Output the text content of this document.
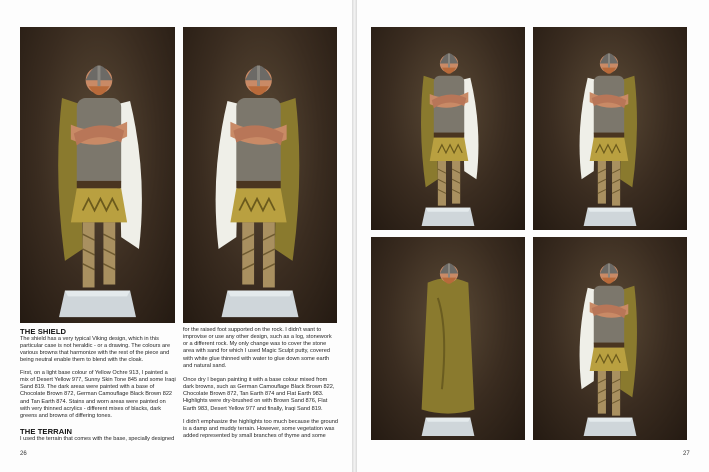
THE SHIELD

The shield has a very typical Viking design, which in this particular case is not heraldic - or a drawing. The colours are various browns that harmonize with the rest of the piece and being neutral enable them to blend with the cloak.

First, on a light base colour of Yellow Ochre 913, I painted a mix of Desert Yellow 977, Sunny Skin Tone 845 and some Iraqi Sand 819. The dark areas were painted with a base of Chocolate Brown 872, German Camouflage Black Brown 822 and Tan Earth 874. Stains and worn areas were painted on with very thinned acrylics - different mixes of blacks, dark greens and browns of differing tones.

THE TERRAIN

I used the terrain that comes with the base, specially designed

for the raised foot supported on the rock. I didn't want to improvise or use any other design, such as a log, stonework or a different rock. My only change was to cover the stone area with sand for which I used Magic Sculpt putty, covered with white glue thinned with water to glue down some earth and natural sand.

Once dry I began painting it with a base colour mixed from dark browns, such as German Camouflage Black Brown 822, Chocolate Brown 872, Tan Earth 874 and Flat Earth 983. Highlights were dry-brushed on with Brown Sand 876, Flat Earth 983, Desert Yellow 977 and finally, Iraqi Sand 819.

I didn't emphasize the highlights too much because the ground is a damp and muddy terrain. However, some vegetation was added represented by small branches of thyme and some

26	27
